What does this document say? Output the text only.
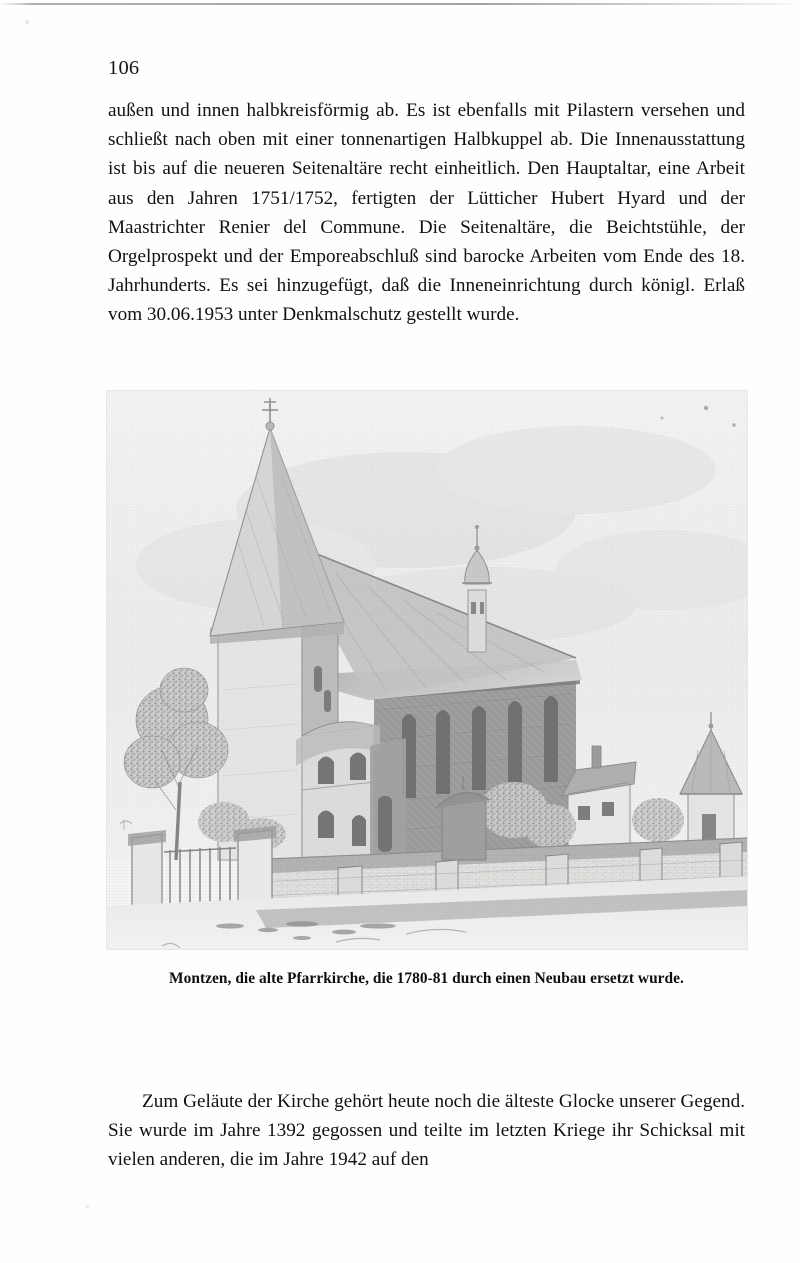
106
außen und innen halbkreisförmig ab. Es ist ebenfalls mit Pilastern versehen und schließt nach oben mit einer tonnenartigen Halbkuppel ab. Die Innenausstattung ist bis auf die neueren Seitenaltäre recht einheitlich. Den Hauptaltar, eine Arbeit aus den Jahren 1751/1752, fertigten der Lütticher Hubert Hyard und der Maastrichter Renier del Commune. Die Seitenaltäre, die Beichtstühle, der Orgelprospekt und der Emporeabschluß sind barocke Arbeiten vom Ende des 18. Jahrhunderts. Es sei hinzugefügt, daß die Inneneinrichtung durch königl. Erlaß vom 30.06.1953 unter Denkmalschutz gestellt wurde.
Montzen, die alte Pfarrkirche, die 1780-81 durch einen Neubau ersetzt wurde.
Zum Geläute der Kirche gehört heute noch die älteste Glocke unserer Gegend. Sie wurde im Jahre 1392 gegossen und teilte im letzten Kriege ihr Schicksal mit vielen anderen, die im Jahre 1942 auf den
